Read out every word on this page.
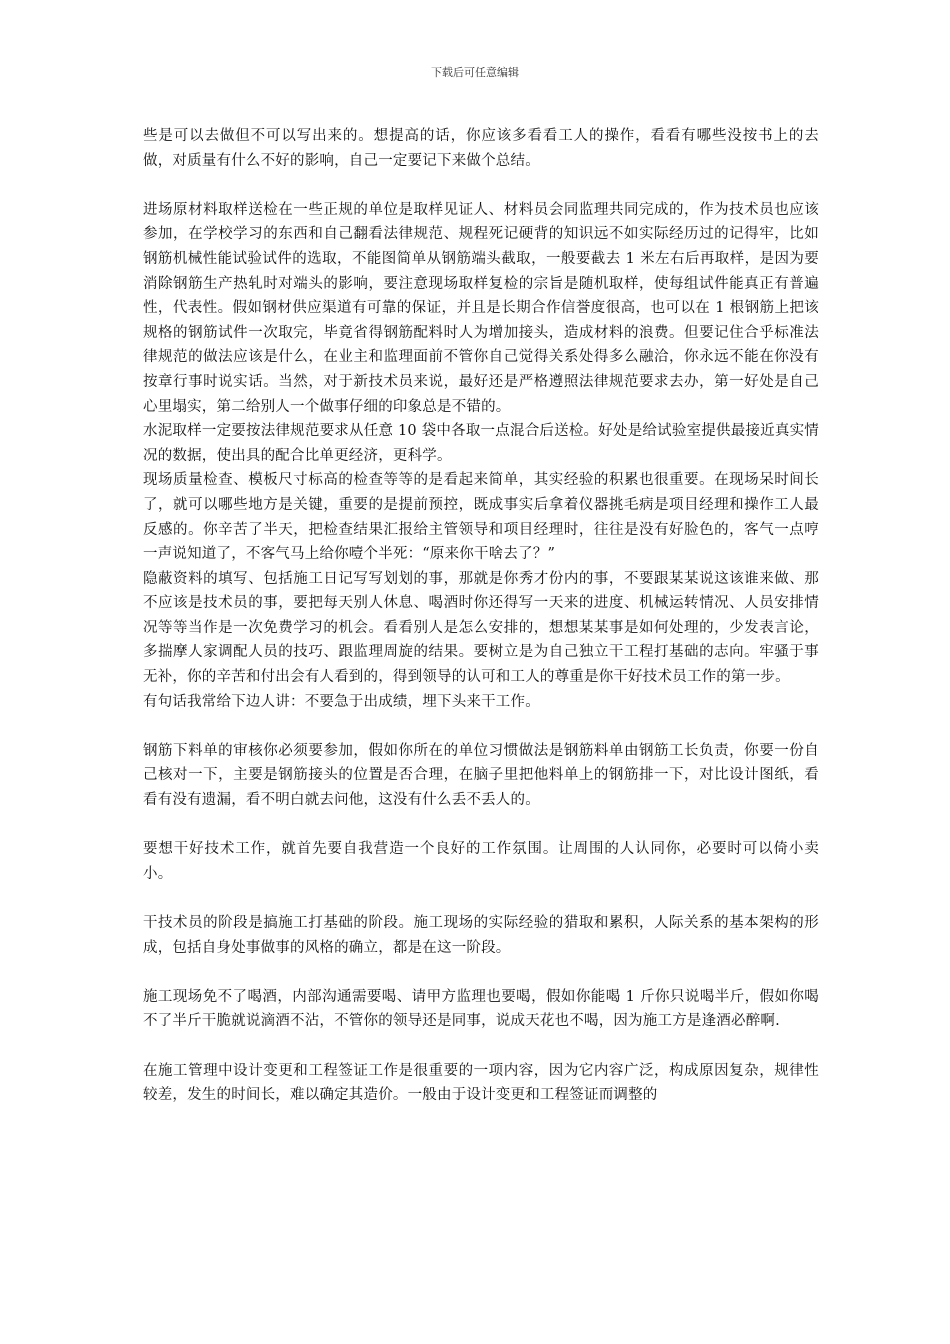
下载后可任意编辑

些是可以去做但不可以写出来的。想提高的话，你应该多看看工人的操作，看看有哪些没按书上的去做，对质量有什么不好的影响，自己一定要记下来做个总结。

进场原材料取样送检在一些正规的单位是取样见证人、材料员会同监理共同完成的，作为技术员也应该参加，在学校学习的东西和自己翻看法律规范、规程死记硬背的知识远不如实际经历过的记得牢，比如钢筋机械性能试验试件的选取，不能图简单从钢筋端头截取，一般要截去 1 米左右后再取样，是因为要消除钢筋生产热轧时对端头的影响，要注意现场取样复检的宗旨是随机取样，使每组试件能真正有普遍性，代表性。假如钢材供应渠道有可靠的保证，并且是长期合作信誉度很高，也可以在 1 根钢筋上把该规格的钢筋试件一次取完，毕竟省得钢筋配料时人为增加接头，造成材料的浪费。但要记住合乎标准法律规范的做法应该是什么，在业主和监理面前不管你自己觉得关系处得多么融洽，你永远不能在你没有按章行事时说实话。当然，对于新技术员来说，最好还是严格遵照法律规范要求去办，第一好处是自己心里塌实，第二给别人一个做事仔细的印象总是不错的。

水泥取样一定要按法律规范要求从任意 10 袋中各取一点混合后送检。好处是给试验室提供最接近真实情况的数据，使出具的配合比单更经济，更科学。

现场质量检查、模板尺寸标高的检查等等的是看起来简单，其实经验的积累也很重要。在现场呆时间长了，就可以哪些地方是关键，重要的是提前预控，既成事实后拿着仪器挑毛病是项目经理和操作工人最反感的。你辛苦了半天，把检查结果汇报给主管领导和项目经理时，往往是没有好脸色的，客气一点哼一声说知道了，不客气马上给你噎个半死：“原来你干啥去了？”

隐蔽资料的填写、包括施工日记写写划划的事，那就是你秀才份内的事，不要跟某某说这该谁来做、那不应该是技术员的事，要把每天别人休息、喝酒时你还得写一天来的进度、机械运转情况、人员安排情况等等当作是一次免费学习的机会。看看别人是怎么安排的，想想某某事是如何处理的，少发表言论，多揣摩人家调配人员的技巧、跟监理周旋的结果。要树立是为自己独立干工程打基础的志向。牢骚于事无补，你的辛苦和付出会有人看到的，得到领导的认可和工人的尊重是你干好技术员工作的第一步。

有句话我常给下边人讲：不要急于出成绩，埋下头来干工作。

钢筋下料单的审核你必须要参加，假如你所在的单位习惯做法是钢筋料单由钢筋工长负责，你要一份自己核对一下，主要是钢筋接头的位置是否合理，在脑子里把他料单上的钢筋排一下，对比设计图纸，看看有没有遗漏，看不明白就去问他，这没有什么丢不丢人的。

要想干好技术工作，就首先要自我营造一个良好的工作氛围。让周围的人认同你，必要时可以倚小卖小。

干技术员的阶段是搞施工打基础的阶段。施工现场的实际经验的猎取和累积，人际关系的基本架构的形成，包括自身处事做事的风格的确立，都是在这一阶段。

施工现场免不了喝酒，内部沟通需要喝、请甲方监理也要喝，假如你能喝 1 斤你只说喝半斤，假如你喝不了半斤干脆就说滴酒不沾，不管你的领导还是同事，说成天花也不喝，因为施工方是逢酒必醉啊.

在施工管理中设计变更和工程签证工作是很重要的一项内容，因为它内容广泛，构成原因复杂，规律性较差，发生的时间长，难以确定其造价。一般由于设计变更和工程签证而调整的
